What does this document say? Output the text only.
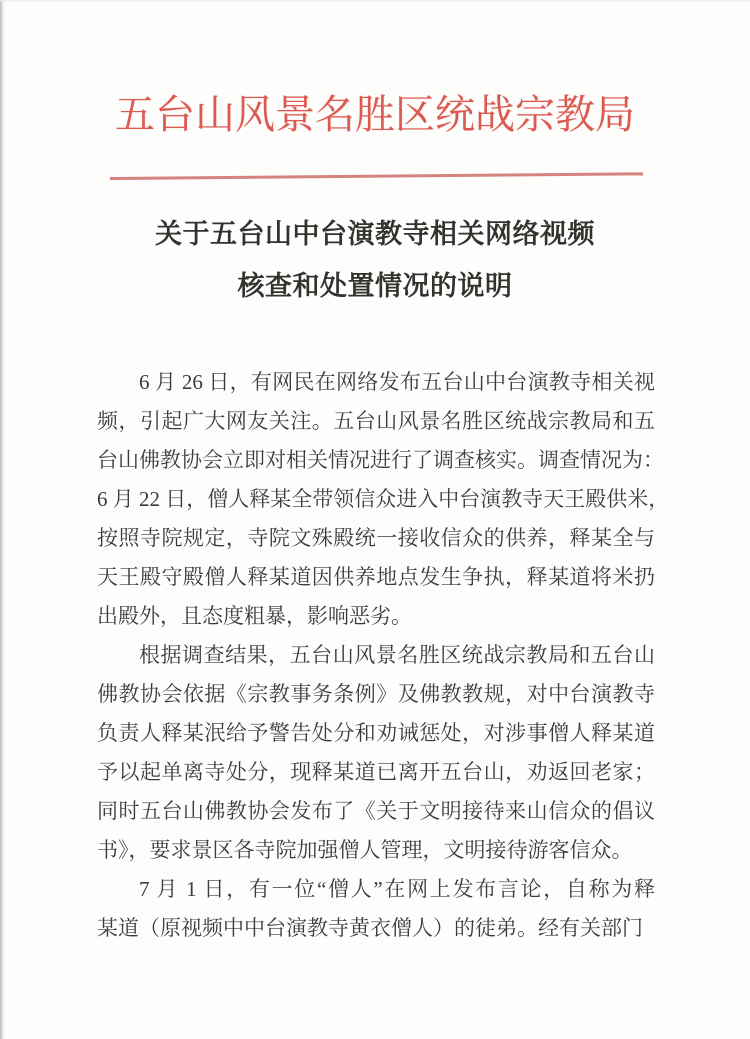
五台山风景名胜区统战宗教局
关于五台山中台演教寺相关网络视频
核查和处置情况的说明
6 月 26 日，有网民在网络发布五台山中台演教寺相关视
频，引起广大网友关注。五台山风景名胜区统战宗教局和五
台山佛教协会立即对相关情况进行了调查核实。调查情况为：
6 月 22 日，僧人释某全带领信众进入中台演教寺天王殿供米，
按照寺院规定，寺院文殊殿统一接收信众的供养，释某全与
天王殿守殿僧人释某道因供养地点发生争执，释某道将米扔
出殿外，且态度粗暴，影响恶劣。
根据调查结果，五台山风景名胜区统战宗教局和五台山
佛教协会依据《宗教事务条例》及佛教教规，对中台演教寺
负责人释某泯给予警告处分和劝诫惩处，对涉事僧人释某道
予以起单离寺处分，现释某道已离开五台山，劝返回老家；
同时五台山佛教协会发布了《关于文明接待来山信众的倡议
书》，要求景区各寺院加强僧人管理，文明接待游客信众。
7 月 1 日，有一位“僧人”在网上发布言论，自称为释
某道（原视频中中台演教寺黄衣僧人）的徒弟。经有关部门
